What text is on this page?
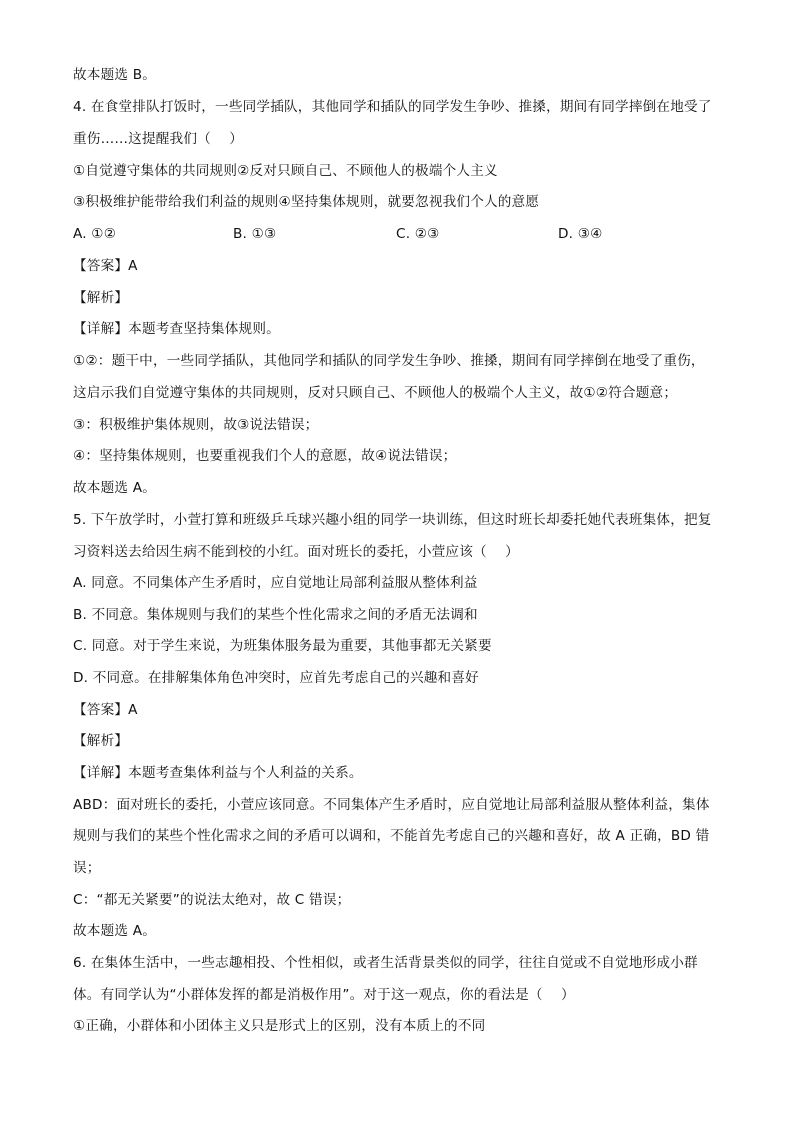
故本题选 B。
4. 在食堂排队打饭时，一些同学插队，其他同学和插队的同学发生争吵、推搡，期间有同学摔倒在地受了
重伤……这提醒我们（　 ）
①自觉遵守集体的共同规则②反对只顾自己、不顾他人的极端个人主义
③积极维护能带给我们利益的规则④坚持集体规则，就要忽视我们个人的意愿
A. ①②	B. ①③	C. ②③	D. ③④
【答案】A
【解析】
【详解】本题考查坚持集体规则。
①②：题干中，一些同学插队，其他同学和插队的同学发生争吵、推搡，期间有同学摔倒在地受了重伤，
这启示我们自觉遵守集体的共同规则，反对只顾自己、不顾他人的极端个人主义，故①②符合题意；
③：积极维护集体规则，故③说法错误；
④：坚持集体规则，也要重视我们个人的意愿，故④说法错误；
故本题选 A。
5. 下午放学时，小萱打算和班级乒乓球兴趣小组的同学一块训练，但这时班长却委托她代表班集体，把复
习资料送去给因生病不能到校的小红。面对班长的委托，小萱应该（　 ）
A. 同意。不同集体产生矛盾时，应自觉地让局部利益服从整体利益
B. 不同意。集体规则与我们的某些个性化需求之间的矛盾无法调和
C. 同意。对于学生来说，为班集体服务最为重要，其他事都无关紧要
D. 不同意。在排解集体角色冲突时，应首先考虑自己的兴趣和喜好
【答案】A
【解析】
【详解】本题考查集体利益与个人利益的关系。
ABD：面对班长的委托，小萱应该同意。不同集体产生矛盾时，应自觉地让局部利益服从整体利益，集体
规则与我们的某些个性化需求之间的矛盾可以调和，不能首先考虑自己的兴趣和喜好，故 A 正确，BD 错
误；
C：“都无关紧要”的说法太绝对，故 C 错误；
故本题选 A。
6. 在集体生活中，一些志趣相投、个性相似，或者生活背景类似的同学，往往自觉或不自觉地形成小群
体。有同学认为“小群体发挥的都是消极作用”。对于这一观点，你的看法是（　 ）
①正确，小群体和小团体主义只是形式上的区别，没有本质上的不同
